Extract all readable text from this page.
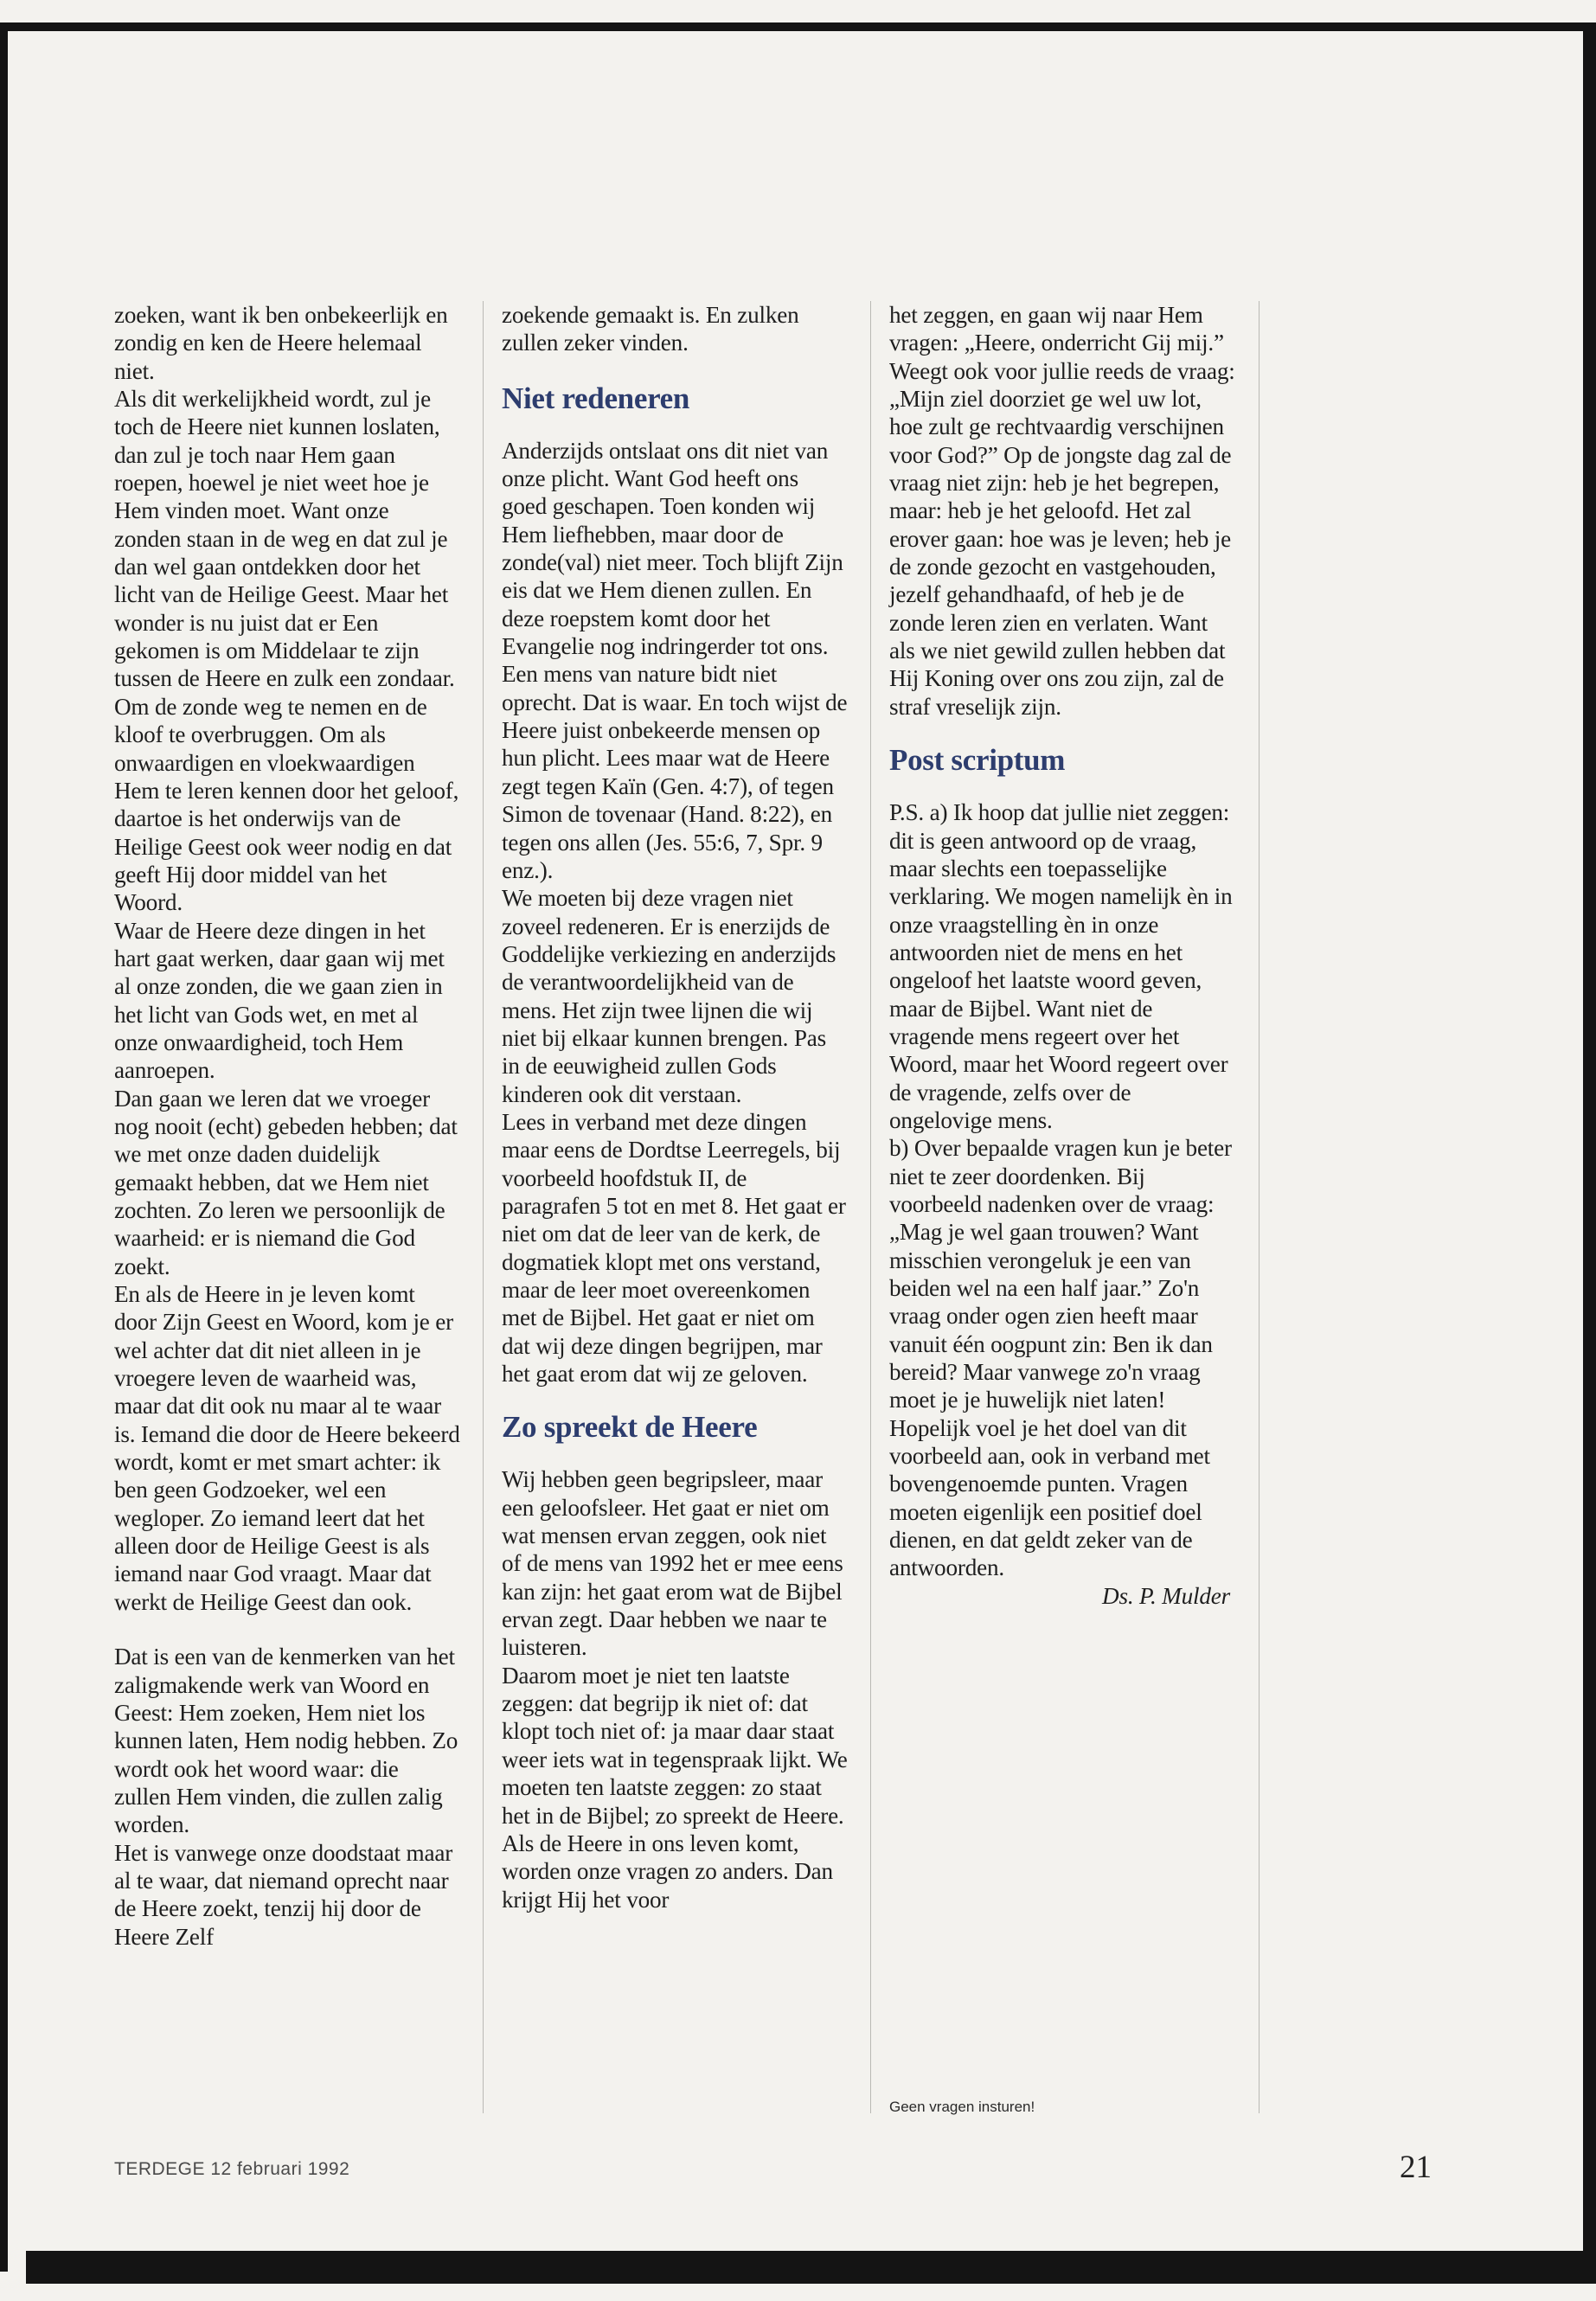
zoeken, want ik ben onbekeerlijk en zondig en ken de Heere helemaal niet.

Als dit werkelijkheid wordt, zul je toch de Heere niet kunnen loslaten, dan zul je toch naar Hem gaan roepen, hoewel je niet weet hoe je Hem vinden moet. Want onze zonden staan in de weg en dat zul je dan wel gaan ontdekken door het licht van de Heilige Geest. Maar het wonder is nu juist dat er Een gekomen is om Middelaar te zijn tussen de Heere en zulk een zondaar. Om de zonde weg te nemen en de kloof te overbruggen. Om als onwaardigen en vloekwaardigen Hem te leren kennen door het geloof, daartoe is het onderwijs van de Heilige Geest ook weer nodig en dat geeft Hij door middel van het Woord.

Waar de Heere deze dingen in het hart gaat werken, daar gaan wij met al onze zonden, die we gaan zien in het licht van Gods wet, en met al onze onwaardigheid, toch Hem aanroepen.

Dan gaan we leren dat we vroeger nog nooit (echt) gebeden hebben; dat we met onze daden duidelijk gemaakt hebben, dat we Hem niet zochten. Zo leren we persoonlijk de waarheid: er is niemand die God zoekt.

En als de Heere in je leven komt door Zijn Geest en Woord, kom je er wel achter dat dit niet alleen in je vroegere leven de waarheid was, maar dat dit ook nu maar al te waar is. Iemand die door de Heere bekeerd wordt, komt er met smart achter: ik ben geen Godzoeker, wel een wegloper. Zo iemand leert dat het alleen door de Heilige Geest is als iemand naar God vraagt. Maar dat werkt de Heilige Geest dan ook.

Dat is een van de kenmerken van het zaligmakende werk van Woord en Geest: Hem zoeken, Hem niet los kunnen laten, Hem nodig hebben. Zo wordt ook het woord waar: die zullen Hem vinden, die zullen zalig worden.

Het is vanwege onze doodstaat maar al te waar, dat niemand oprecht naar de Heere zoekt, tenzij hij door de Heere Zelf

zoekende gemaakt is. En zulken zullen zeker vinden.

Niet redeneren

Anderzijds ontslaat ons dit niet van onze plicht. Want God heeft ons goed geschapen. Toen konden wij Hem liefhebben, maar door de zonde(val) niet meer. Toch blijft Zijn eis dat we Hem dienen zullen. En deze roepstem komt door het Evangelie nog indringerder tot ons. Een mens van nature bidt niet oprecht. Dat is waar. En toch wijst de Heere juist onbekeerde mensen op hun plicht. Lees maar wat de Heere zegt tegen Kaïn (Gen. 4:7), of tegen Simon de tovenaar (Hand. 8:22), en tegen ons allen (Jes. 55:6, 7, Spr. 9 enz.).

We moeten bij deze vragen niet zoveel redeneren. Er is enerzijds de Goddelijke verkiezing en anderzijds de verantwoordelijkheid van de mens. Het zijn twee lijnen die wij niet bij elkaar kunnen brengen. Pas in de eeuwigheid zullen Gods kinderen ook dit verstaan.

Lees in verband met deze dingen maar eens de Dordtse Leerregels, bij voorbeeld hoofdstuk II, de paragrafen 5 tot en met 8. Het gaat er niet om dat de leer van de kerk, de dogmatiek klopt met ons verstand, maar de leer moet overeenkomen met de Bijbel. Het gaat er niet om dat wij deze dingen begrijpen, mar het gaat erom dat wij ze geloven.

Zo spreekt de Heere

Wij hebben geen begripsleer, maar een geloofsleer. Het gaat er niet om wat mensen ervan zeggen, ook niet of de mens van 1992 het er mee eens kan zijn: het gaat erom wat de Bijbel ervan zegt. Daar hebben we naar te luisteren.

Daarom moet je niet ten laatste zeggen: dat begrijp ik niet of: dat klopt toch niet of: ja maar daar staat weer iets wat in tegenspraak lijkt. We moeten ten laatste zeggen: zo staat het in de Bijbel; zo spreekt de Heere.

Als de Heere in ons leven komt, worden onze vragen zo anders. Dan krijgt Hij het voor

het zeggen, en gaan wij naar Hem vragen: „Heere, onderricht Gij mij.”

Weegt ook voor jullie reeds de vraag: „Mijn ziel doorziet ge wel uw lot, hoe zult ge rechtvaardig verschijnen voor God?” Op de jongste dag zal de vraag niet zijn: heb je het begrepen, maar: heb je het geloofd. Het zal erover gaan: hoe was je leven; heb je de zonde gezocht en vastgehouden, jezelf gehandhaafd, of heb je de zonde leren zien en verlaten. Want als we niet gewild zullen hebben dat Hij Koning over ons zou zijn, zal de straf vreselijk zijn.

Post scriptum

P.S. a) Ik hoop dat jullie niet zeggen: dit is geen antwoord op de vraag, maar slechts een toepasselijke verklaring. We mogen namelijk èn in onze vraagstelling èn in onze antwoorden niet de mens en het ongeloof het laatste woord geven, maar de Bijbel. Want niet de vragende mens regeert over het Woord, maar het Woord regeert over de vragende, zelfs over de ongelovige mens.

b) Over bepaalde vragen kun je beter niet te zeer doordenken. Bij voorbeeld nadenken over de vraag: „Mag je wel gaan trouwen? Want misschien verongeluk je een van beiden wel na een half jaar.” Zo'n vraag onder ogen zien heeft maar vanuit één oogpunt zin: Ben ik dan bereid? Maar vanwege zo'n vraag moet je je huwelijk niet laten!

Hopelijk voel je het doel van dit voorbeeld aan, ook in verband met bovengenoemde punten. Vragen moeten eigenlijk een positief doel dienen, en dat geldt zeker van de antwoorden.

Ds. P. Mulder

Geen vragen insturen!
TERDEGE 12 februari 1992	21
